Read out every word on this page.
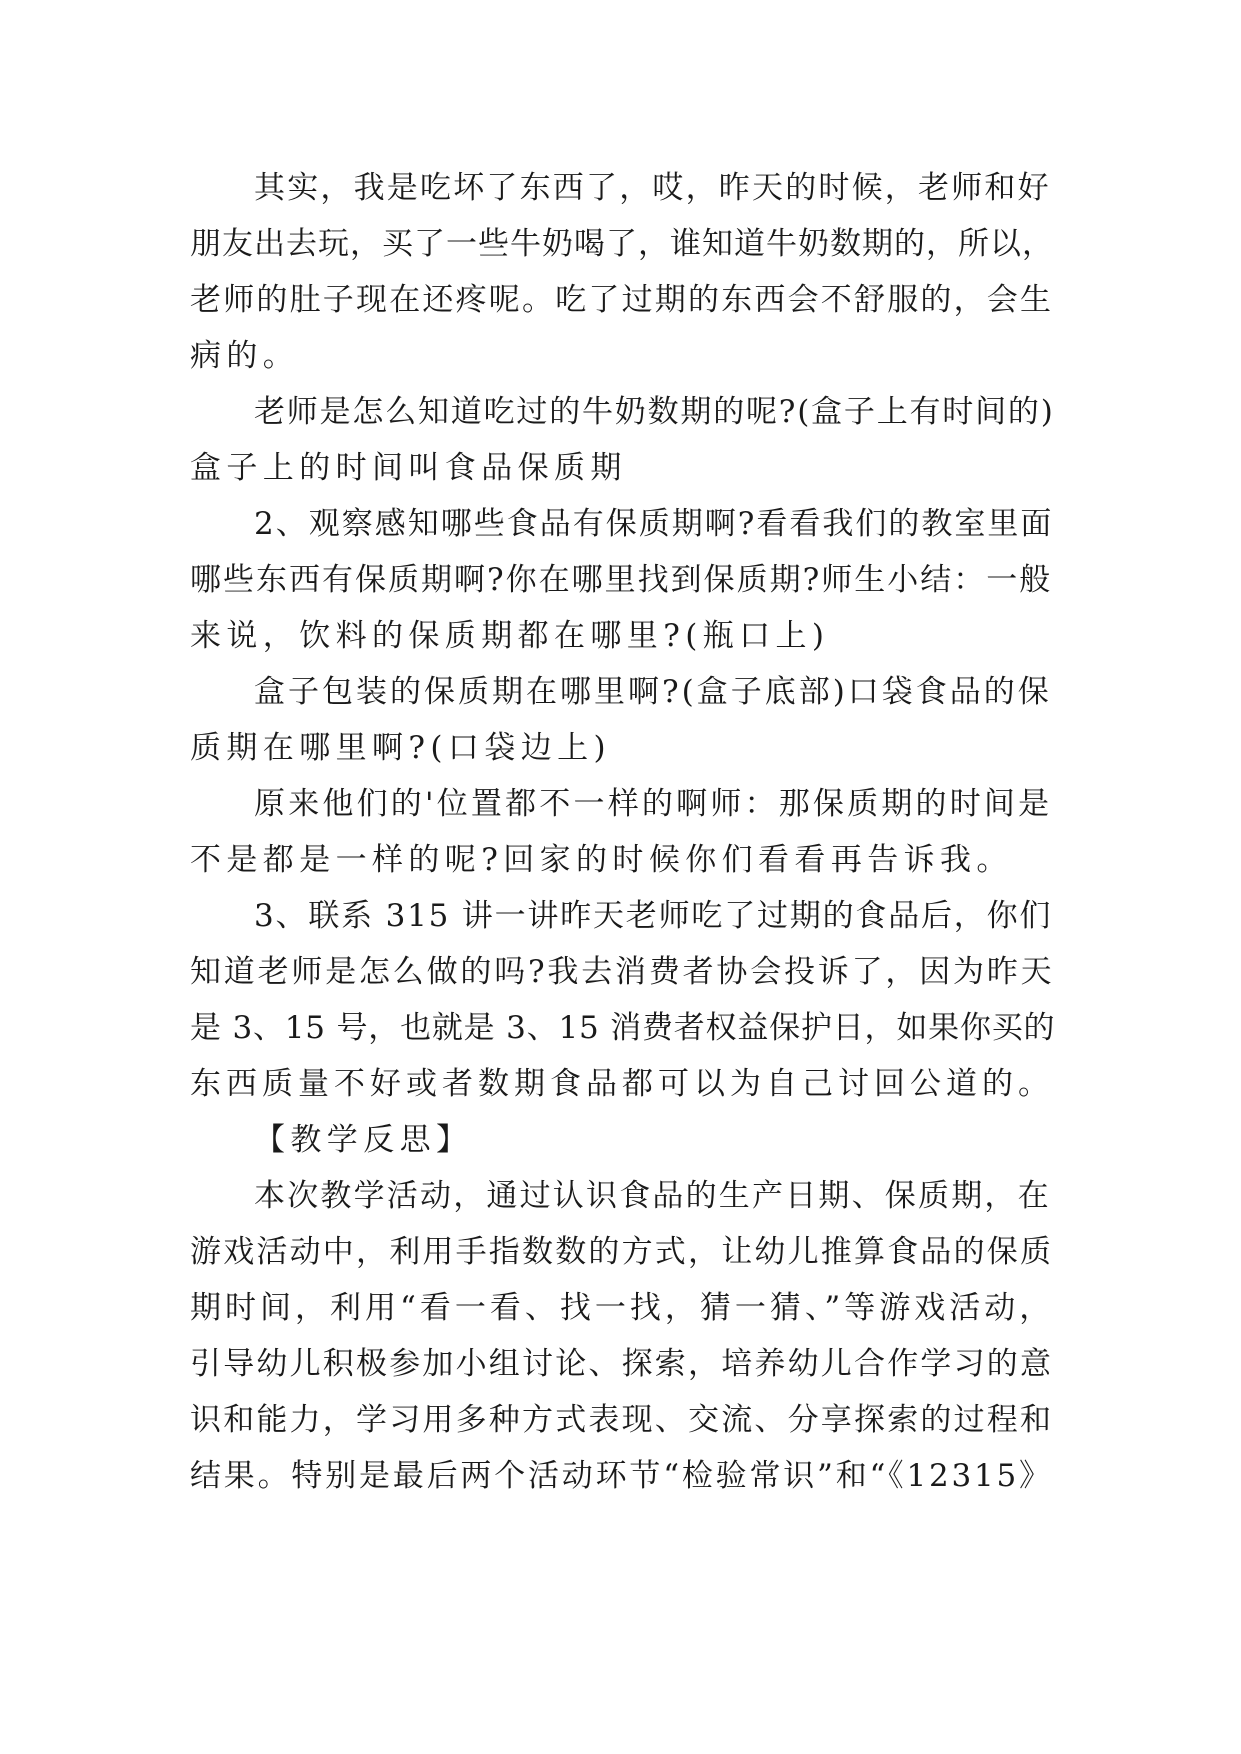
其实，我是吃坏了东西了，哎，昨天的时候，老师和好
朋友出去玩，买了一些牛奶喝了，谁知道牛奶数期的，所以，
老师的肚子现在还疼呢。吃了过期的东西会不舒服的，会生
病的。
老师是怎么知道吃过的牛奶数期的呢?(盒子上有时间的)
盒子上的时间叫食品保质期
2、观察感知哪些食品有保质期啊?看看我们的教室里面
哪些东西有保质期啊?你在哪里找到保质期?师生小结：一般
来说，饮料的保质期都在哪里?(瓶口上)
盒子包装的保质期在哪里啊?(盒子底部)口袋食品的保
质期在哪里啊?(口袋边上)
原来他们的'位置都不一样的啊师：那保质期的时间是
不是都是一样的呢?回家的时候你们看看再告诉我。
3、联系 315 讲一讲昨天老师吃了过期的食品后，你们
知道老师是怎么做的吗?我去消费者协会投诉了，因为昨天
是 3、15 号，也就是 3、15 消费者权益保护日，如果你买的
东西质量不好或者数期食品都可以为自己讨回公道的。
【教学反思】
本次教学活动，通过认识食品的生产日期、保质期，在
游戏活动中，利用手指数数的方式，让幼儿推算食品的保质
期时间，利用“看一看、找一找，猜一猜、”等游戏活动，
引导幼儿积极参加小组讨论、探索，培养幼儿合作学习的意
识和能力，学习用多种方式表现、交流、分享探索的过程和
结果。特别是最后两个活动环节“检验常识”和“《12315》
